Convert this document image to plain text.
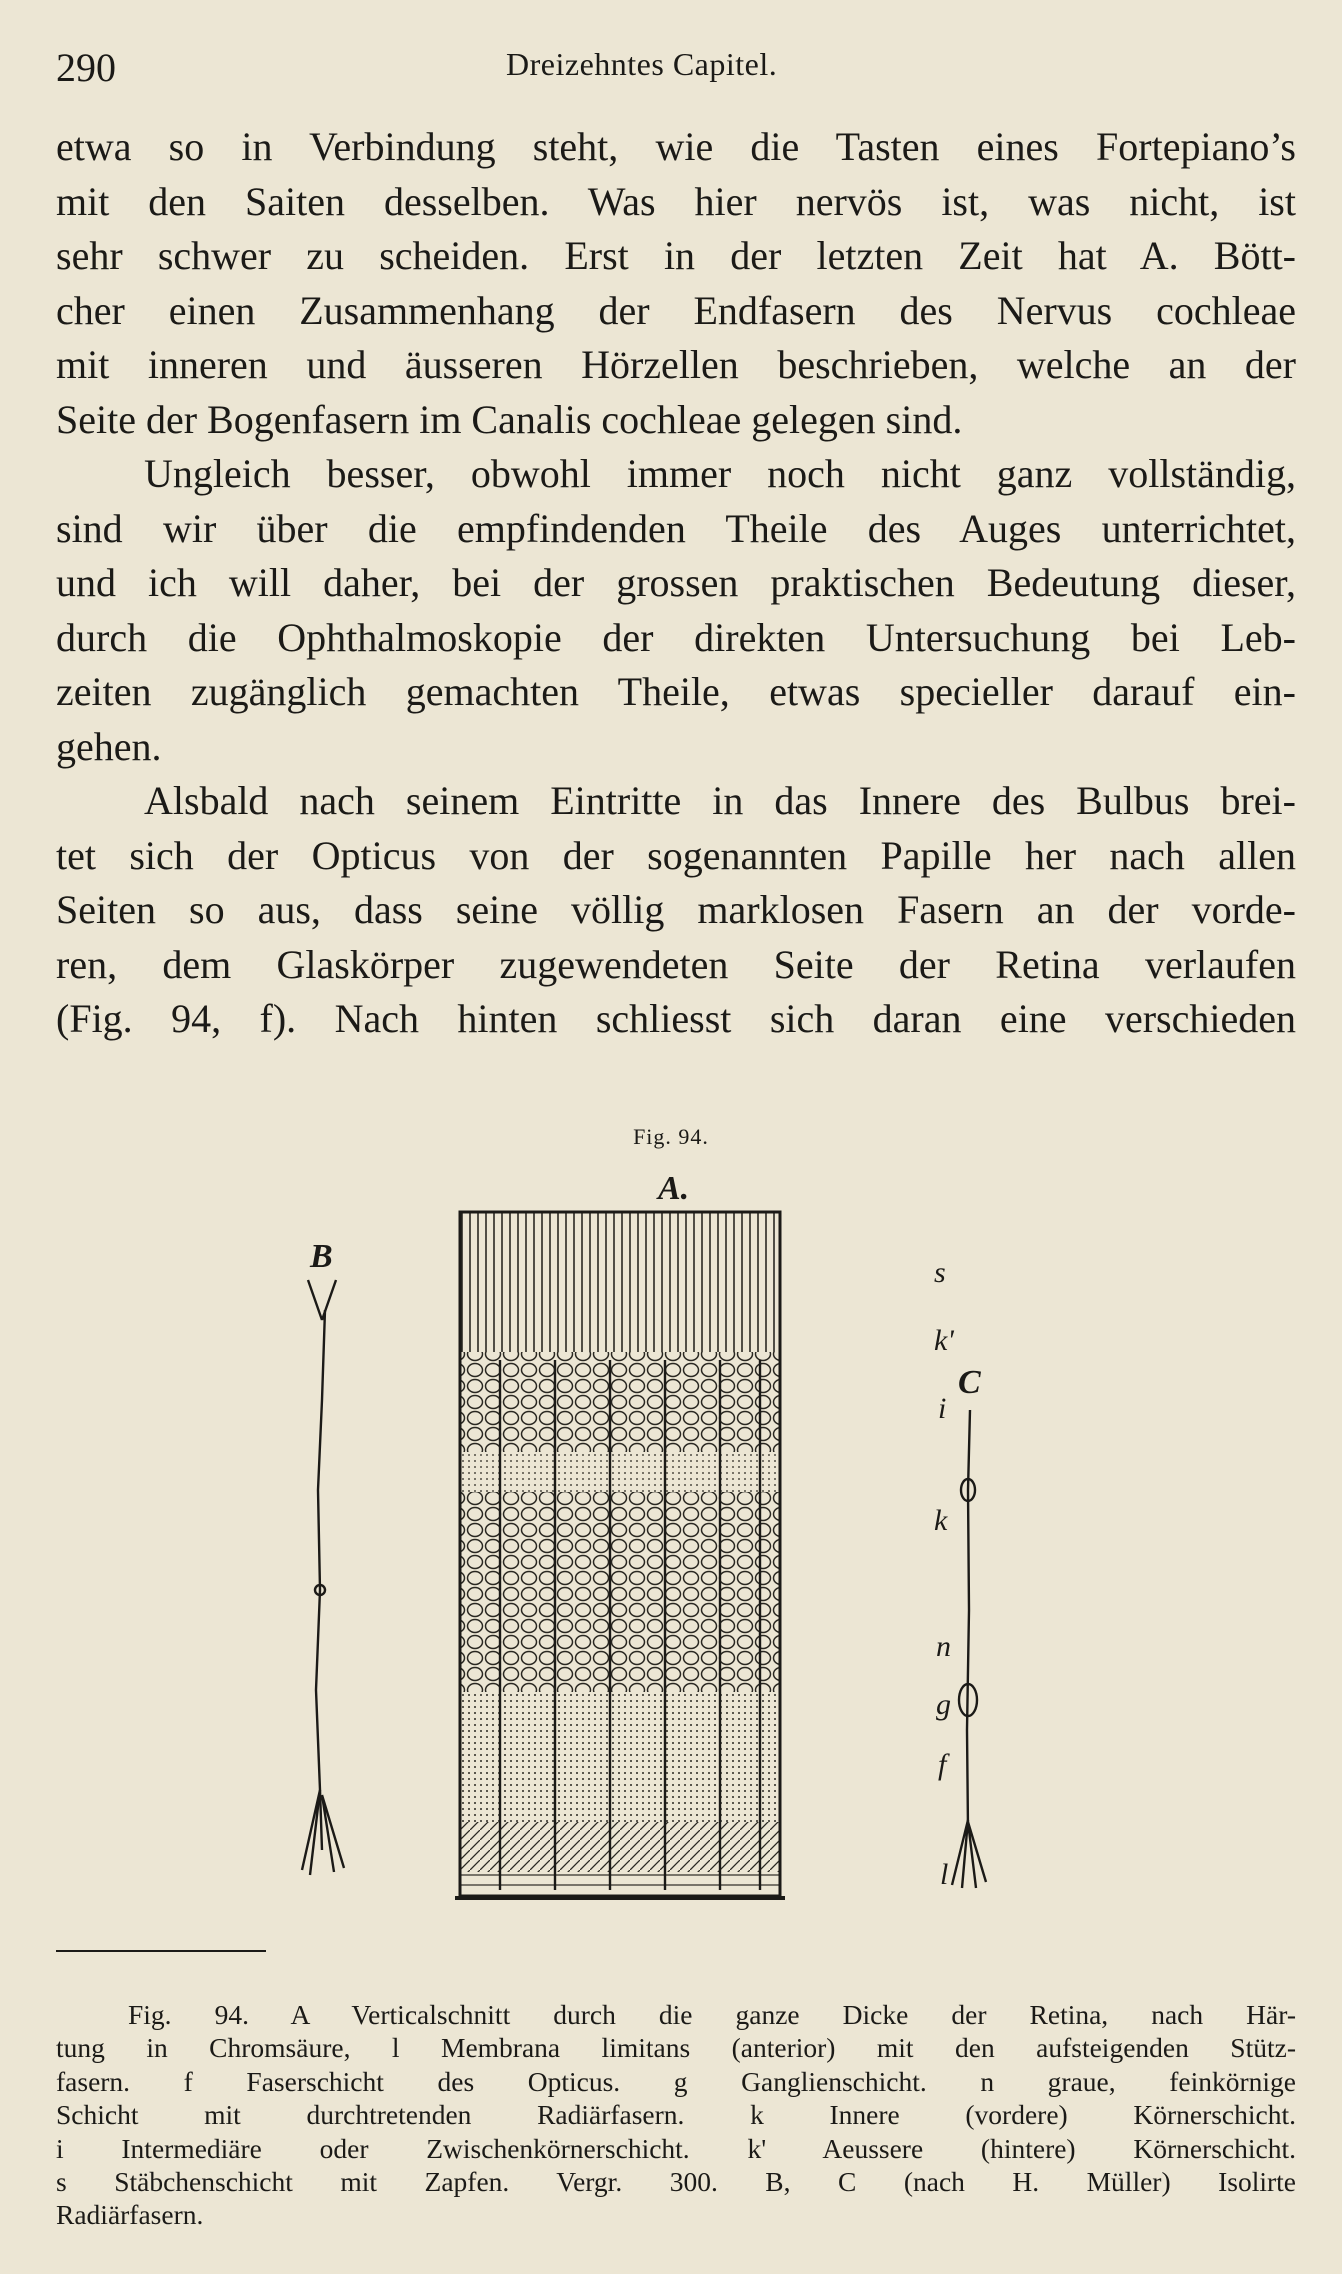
290	Dreizehntes Capitel.
etwa so in Verbindung steht, wie die Tasten eines Fortepiano’s
mit den Saiten desselben. Was hier nervös ist, was nicht, ist
sehr schwer zu scheiden. Erst in der letzten Zeit hat A. Bött-
cher einen Zusammenhang der Endfasern des Nervus cochleae
mit inneren und äusseren Hörzellen beschrieben, welche an der
Seite der Bogenfasern im Canalis cochleae gelegen sind.
Ungleich besser, obwohl immer noch nicht ganz vollständig,
sind wir über die empfindenden Theile des Auges unterrichtet,
und ich will daher, bei der grossen praktischen Bedeutung dieser,
durch die Ophthalmoskopie der direkten Untersuchung bei Leb-
zeiten zugänglich gemachten Theile, etwas specieller darauf ein-
gehen.
Alsbald nach seinem Eintritte in das Innere des Bulbus brei-
tet sich der Opticus von der sogenannten Papille her nach allen
Seiten so aus, dass seine völlig marklosen Fasern an der vorde-
ren, dem Glaskörper zugewendeten Seite der Retina verlaufen
(Fig. 94, f). Nach hinten schliesst sich daran eine verschieden
Fig. 94.
A.
B
C
s
k'
i
k
n
g
f
l
Fig. 94. A Verticalschnitt durch die ganze Dicke der Retina, nach Här-
tung in Chromsäure, l Membrana limitans (anterior) mit den aufsteigenden Stütz-
fasern. f Faserschicht des Opticus. g Ganglienschicht. n graue, feinkörnige
Schicht mit durchtretenden Radiärfasern. k Innere (vordere) Körnerschicht.
i Intermediäre oder Zwischenkörnerschicht. k' Aeussere (hintere) Körnerschicht.
s Stäbchenschicht mit Zapfen. Vergr. 300. B, C (nach H. Müller) Isolirte
Radiärfasern.
